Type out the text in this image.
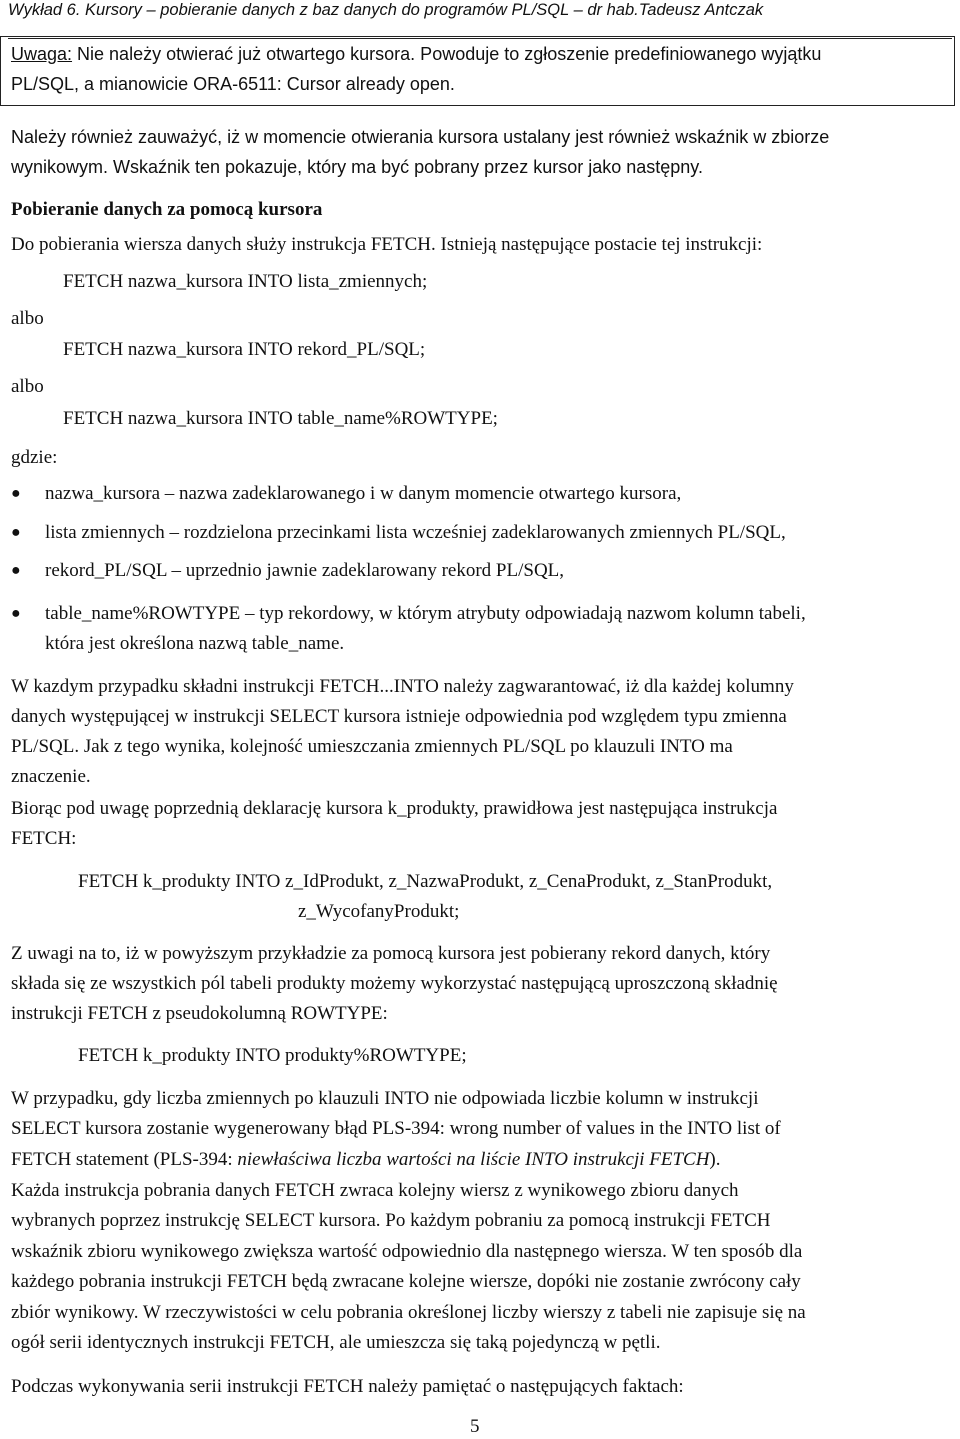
Wykład 6. Kursory – pobieranie danych z baz danych do programów PL/SQL – dr hab.Tadeusz Antczak
Uwaga: Nie należy otwierać już otwartego kursora. Powoduje to zgłoszenie predefiniowanego wyjątku
PL/SQL, a mianowicie ORA-6511: Cursor already open.
Należy również zauważyć, iż w momencie otwierania kursora ustalany jest również wskaźnik w zbiorze
wynikowym. Wskaźnik ten pokazuje, który ma być pobrany przez kursor jako następny.
Pobieranie danych za pomocą kursora
Do pobierania wiersza danych służy instrukcja FETCH. Istnieją następujące postacie tej instrukcji:
FETCH nazwa_kursora INTO lista_zmiennych;
albo
FETCH nazwa_kursora INTO rekord_PL/SQL;
albo
FETCH nazwa_kursora INTO table_name%ROWTYPE;
gdzie:
● nazwa_kursora – nazwa zadeklarowanego i w danym momencie otwartego kursora,
● lista zmiennych – rozdzielona przecinkami lista wcześniej zadeklarowanych zmiennych PL/SQL,
● rekord_PL/SQL – uprzednio jawnie zadeklarowany rekord PL/SQL,
● table_name%ROWTYPE – typ rekordowy, w którym atrybuty odpowiadają nazwom kolumn tabeli,
która jest określona nazwą table_name.
W kazdym przypadku składni instrukcji FETCH...INTO należy zagwarantować, iż dla każdej kolumny
danych występującej w instrukcji SELECT kursora istnieje odpowiednia pod względem typu zmienna
PL/SQL. Jak z tego wynika, kolejność umieszczania zmiennych PL/SQL po klauzuli INTO ma
znaczenie.
Biorąc pod uwagę poprzednią deklarację kursora k_produkty, prawidłowa jest następująca instrukcja
FETCH:
FETCH k_produkty INTO z_IdProdukt, z_NazwaProdukt, z_CenaProdukt, z_StanProdukt,
z_WycofanyProdukt;
Z uwagi na to, iż w powyższym przykładzie za pomocą kursora jest pobierany rekord danych, który
składa się ze wszystkich pól tabeli produkty możemy wykorzystać następującą uproszczoną składnię
instrukcji FETCH z pseudokolumną ROWTYPE:
FETCH k_produkty INTO produkty%ROWTYPE;
W przypadku, gdy liczba zmiennych po klauzuli INTO nie odpowiada liczbie kolumn w instrukcji
SELECT kursora zostanie wygenerowany błąd PLS-394: wrong number of values in the INTO list of
FETCH statement (PLS-394: niewłaściwa liczba wartości na liście INTO instrukcji FETCH).
Każda instrukcja pobrania danych FETCH zwraca kolejny wiersz z wynikowego zbioru danych
wybranych poprzez instrukcję SELECT kursora. Po każdym pobraniu za pomocą instrukcji FETCH
wskaźnik zbioru wynikowego zwiększa wartość odpowiednio dla następnego wiersza. W ten sposób dla
każdego pobrania instrukcji FETCH będą zwracane kolejne wiersze, dopóki nie zostanie zwrócony cały
zbiór wynikowy. W rzeczywistości w celu pobrania określonej liczby wierszy z tabeli nie zapisuje się na
ogół serii identycznych instrukcji FETCH, ale umieszcza się taką pojedynczą w pętli.
Podczas wykonywania serii instrukcji FETCH należy pamiętać o następujących faktach:
5
